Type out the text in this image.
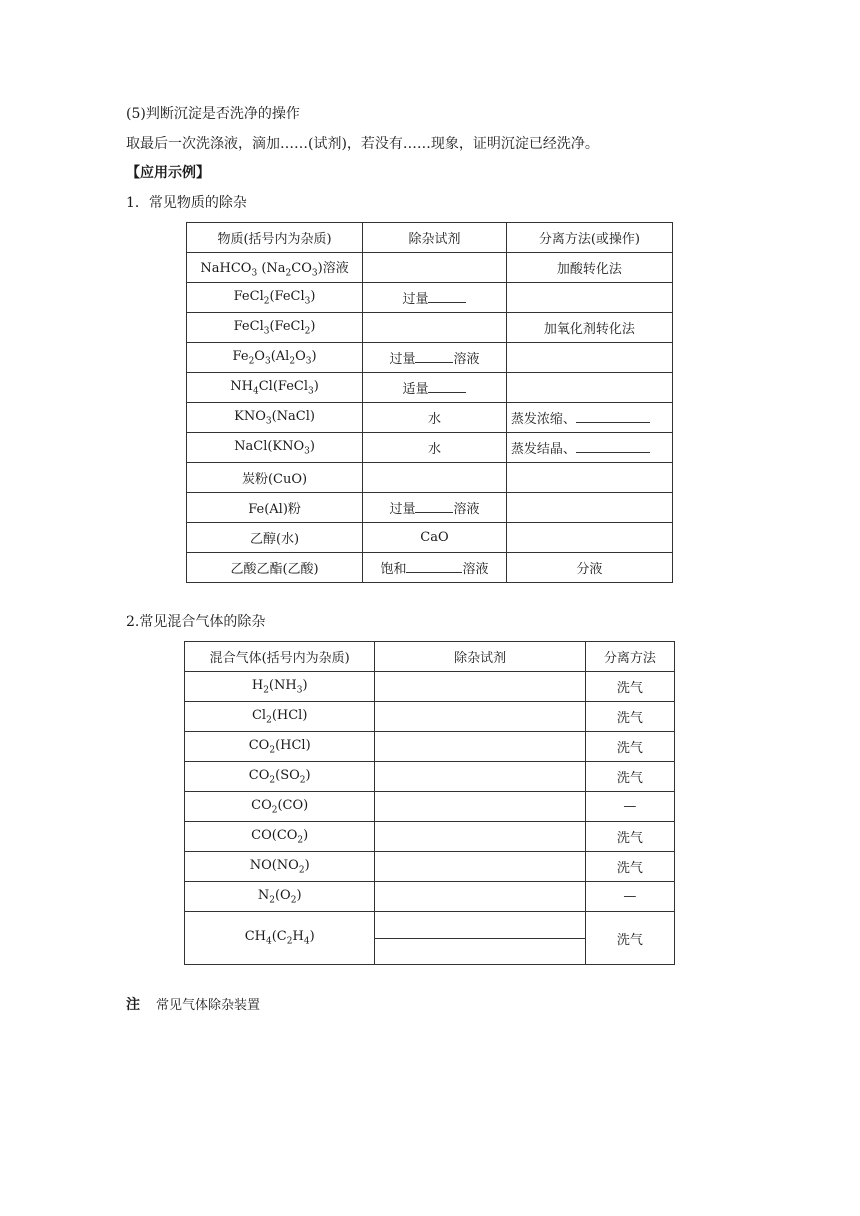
(5)判断沉淀是否洗净的操作
取最后一次洗涤液，滴加……(试剂)，若没有……现象，证明沉淀已经洗净。
【应用示例】
1．常见物质的除杂
物质(括号内为杂质)	除杂试剂	分离方法(或操作)
NaHCO$_3$ $(Na_2CO_3)$溶液		加酸转化法
FeCl$_2$(FeCl$_3$)	过量	
FeCl$_3$(FeCl$_2$)		加氧化剂转化法
$Fe_2O_3(Al_2O_3)$	过量 溶液	
$NH_4Cl(FeCl_3)$	适量	
$KNO_3(NaCl)$	水	蒸发浓缩、
$NaCl(KNO_3)$	水	蒸发结晶、
炭粉(CuO)		
Fe(Al)粉	过量 溶液	
乙醇(水)	CaO	
乙酸乙酯(乙酸)	饱和 溶液	分液
2.常见混合气体的除杂
混合气体(括号内为杂质)	除杂试剂	分离方法
$H_2(NH_3)$		洗气
$Cl_2(HCl)$		洗气
$CO_2(HCl)$		洗气
$CO_2(SO_2)$		洗气
$CO_2(CO)$		—
$CO(CO_2)$		洗气
$NO(NO_2)$		洗气
$N_2(O_2)$		—
$CH_4(C_2H_4)$		洗气
注 常见气体除杂装置
